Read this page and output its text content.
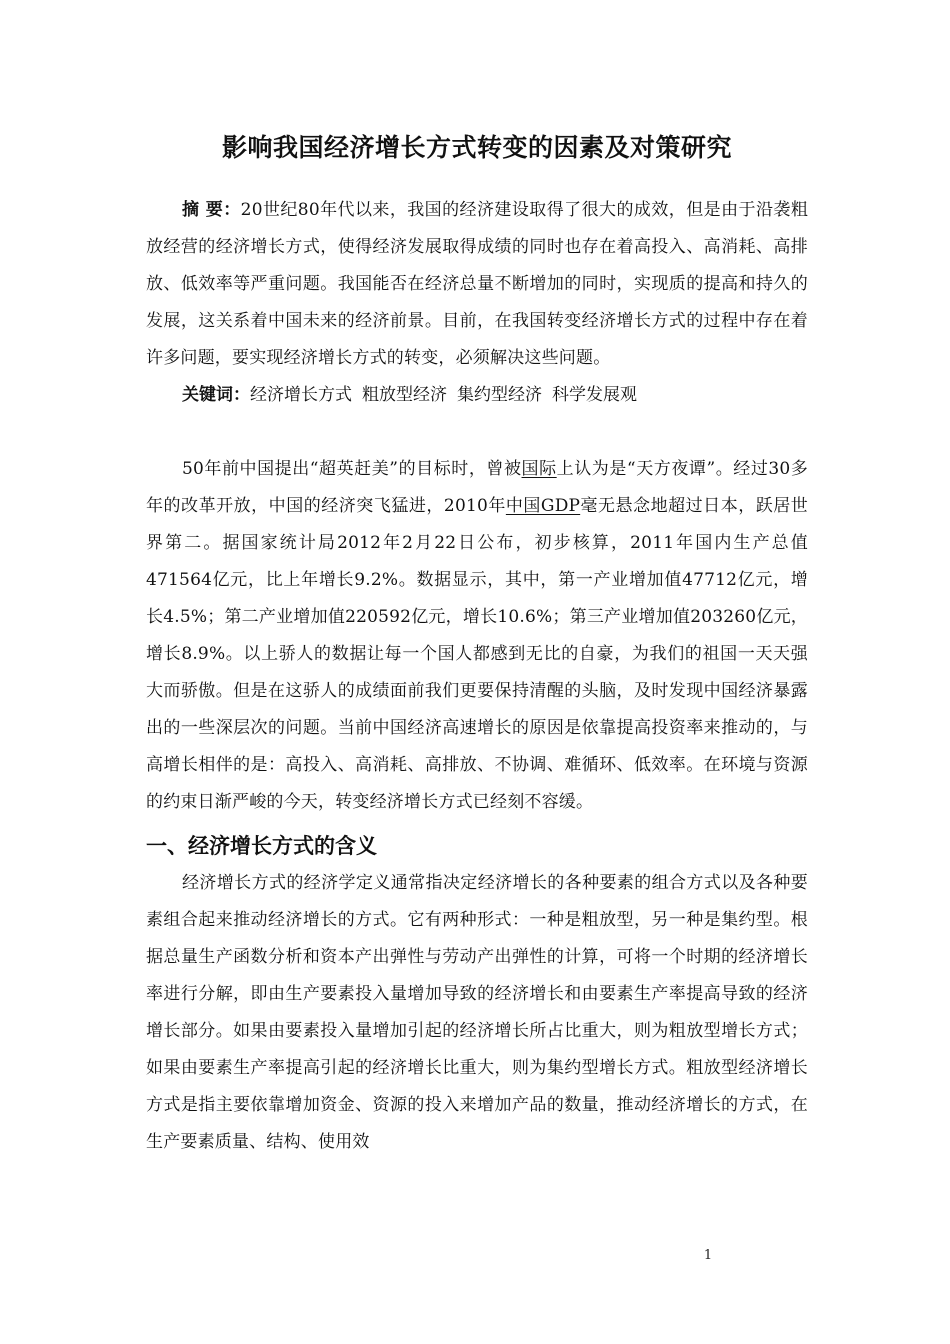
影响我国经济增长方式转变的因素及对策研究

摘 要：20世纪80年代以来，我国的经济建设取得了很大的成效，但是由于沿袭粗放经营的经济增长方式，使得经济发展取得成绩的同时也存在着高投入、高消耗、高排放、低效率等严重问题。我国能否在经济总量不断增加的同时，实现质的提高和持久的发展，这关系着中国未来的经济前景。目前，在我国转变经济增长方式的过程中存在着许多问题，要实现经济增长方式的转变，必须解决这些问题。

关键词：经济增长方式 粗放型经济 集约型经济 科学发展观

50年前中国提出“超英赶美”的目标时，曾被国际上认为是“天方夜谭”。经过30多年的改革开放，中国的经济突飞猛进，2010年中国GDP毫无悬念地超过日本，跃居世界第二。据国家统计局2012年2月22日公布，初步核算，2011年国内生产总值471564亿元，比上年增长9.2%。数据显示，其中，第一产业增加值47712亿元，增长4.5%；第二产业增加值220592亿元，增长10.6%；第三产业增加值203260亿元，增长8.9%。以上骄人的数据让每一个国人都感到无比的自豪，为我们的祖国一天天强大而骄傲。但是在这骄人的成绩面前我们更要保持清醒的头脑，及时发现中国经济暴露出的一些深层次的问题。当前中国经济高速增长的原因是依靠提高投资率来推动的，与高增长相伴的是：高投入、高消耗、高排放、不协调、难循环、低效率。在环境与资源的约束日渐严峻的今天，转变经济增长方式已经刻不容缓。

一、经济增长方式的含义

经济增长方式的经济学定义通常指决定经济增长的各种要素的组合方式以及各种要素组合起来推动经济增长的方式。它有两种形式：一种是粗放型，另一种是集约型。根据总量生产函数分析和资本产出弹性与劳动产出弹性的计算，可将一个时期的经济增长率进行分解，即由生产要素投入量增加导致的经济增长和由要素生产率提高导致的经济增长部分。如果由要素投入量增加引起的经济增长所占比重大，则为粗放型增长方式；如果由要素生产率提高引起的经济增长比重大，则为集约型增长方式。粗放型经济增长方式是指主要依靠增加资金、资源的投入来增加产品的数量，推动经济增长的方式，在生产要素质量、结构、使用效

1
